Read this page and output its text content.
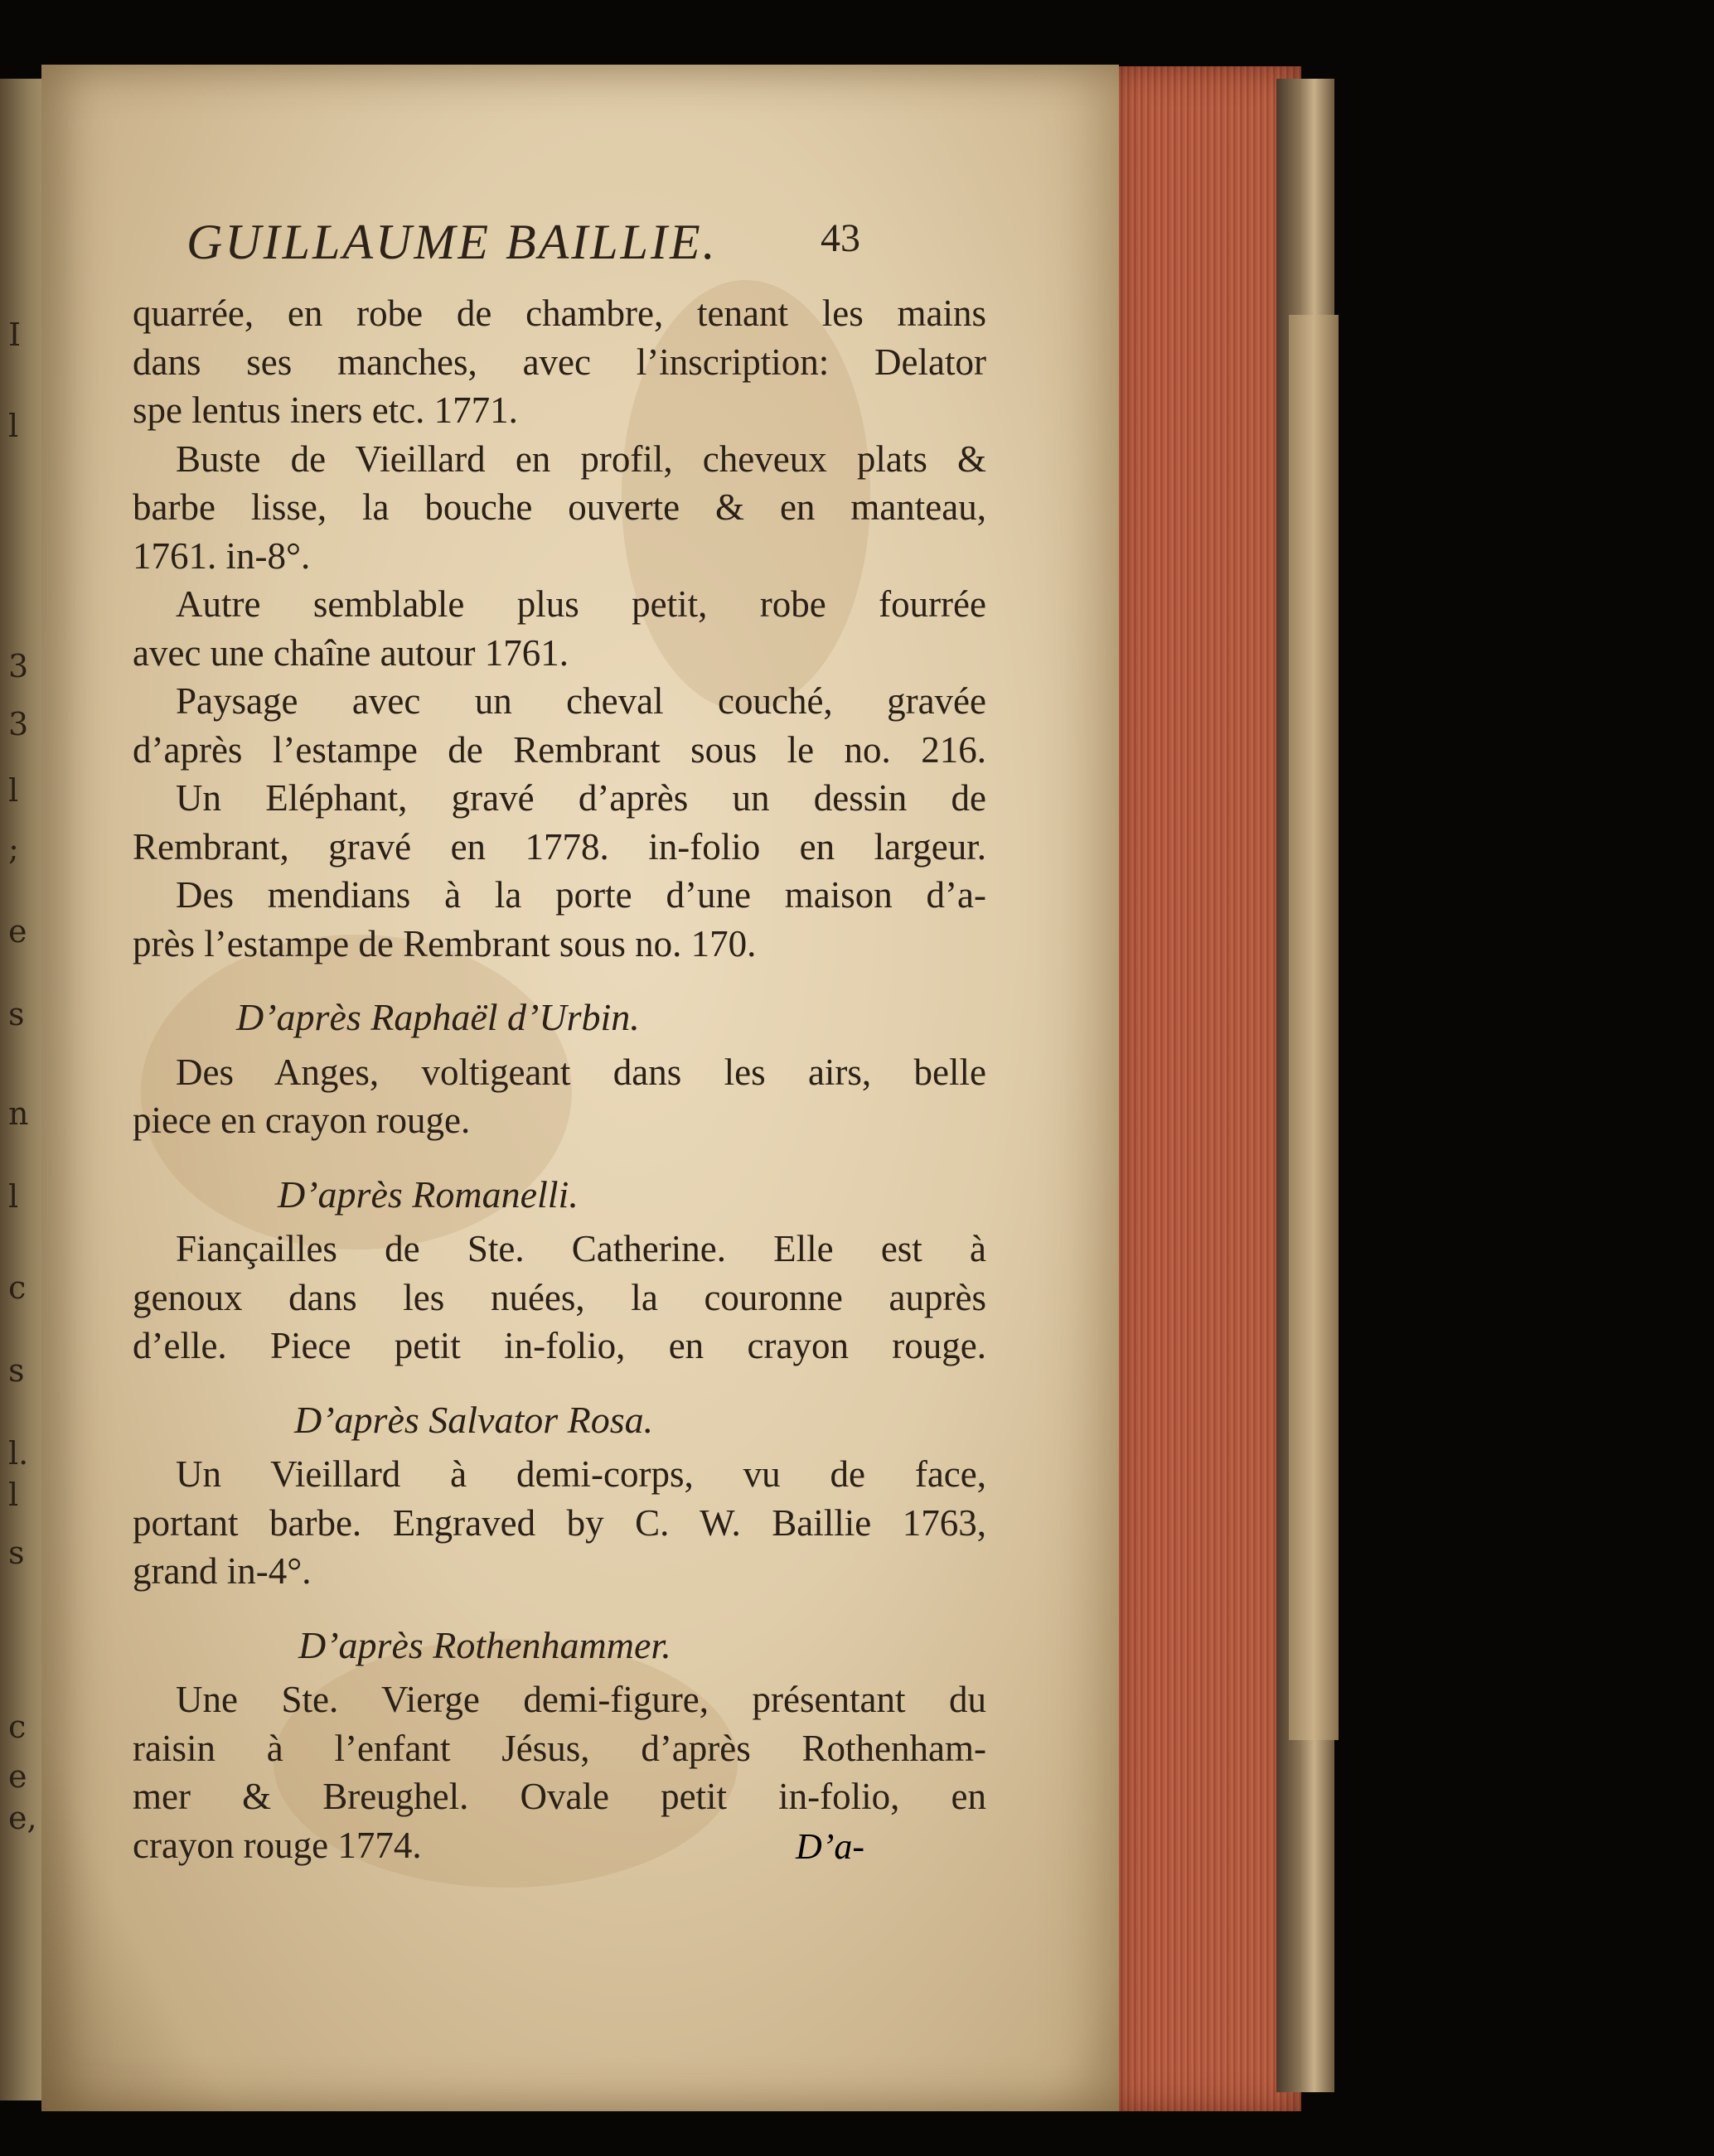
I
l
3
3
l
;
e
s
n
l
c
s
l.
l
s
c
e
e,
GUILLAUME BAILLIE.	43
quarrée, en robe de chambre, tenant les mains
dans ses manches, avec l’inscription: Delator
spe lentus iners etc. 1771.
Buste de Vieillard en profil, cheveux plats &
barbe lisse, la bouche ouverte & en manteau,
1761. in-8°.
Autre semblable plus petit, robe fourrée
avec une chaîne autour 1761.
Paysage avec un cheval couché, gravée
d’après l’estampe de Rembrant sous le no. 216.
Un Eléphant, gravé d’après un dessin de
Rembrant, gravé en 1778. in-folio en largeur.
Des mendians à la porte d’une maison d’a-
près l’estampe de Rembrant sous no. 170.
D’après Raphaël d’Urbin.
Des Anges, voltigeant dans les airs, belle
piece en crayon rouge.
D’après Romanelli.
Fiançailles de Ste. Catherine. Elle est à
genoux dans les nuées, la couronne auprès
d’elle. Piece petit in-folio, en crayon rouge.
D’après Salvator Rosa.
Un Vieillard à demi-corps, vu de face,
portant barbe. Engraved by C. W. Baillie 1763,
grand in-4°.
D’après Rothenhammer.
Une Ste. Vierge demi-figure, présentant du
raisin à l’enfant Jésus, d’après Rothenham-
mer & Breughel. Ovale petit in-folio, en
crayon rouge 1774.	D’a-
